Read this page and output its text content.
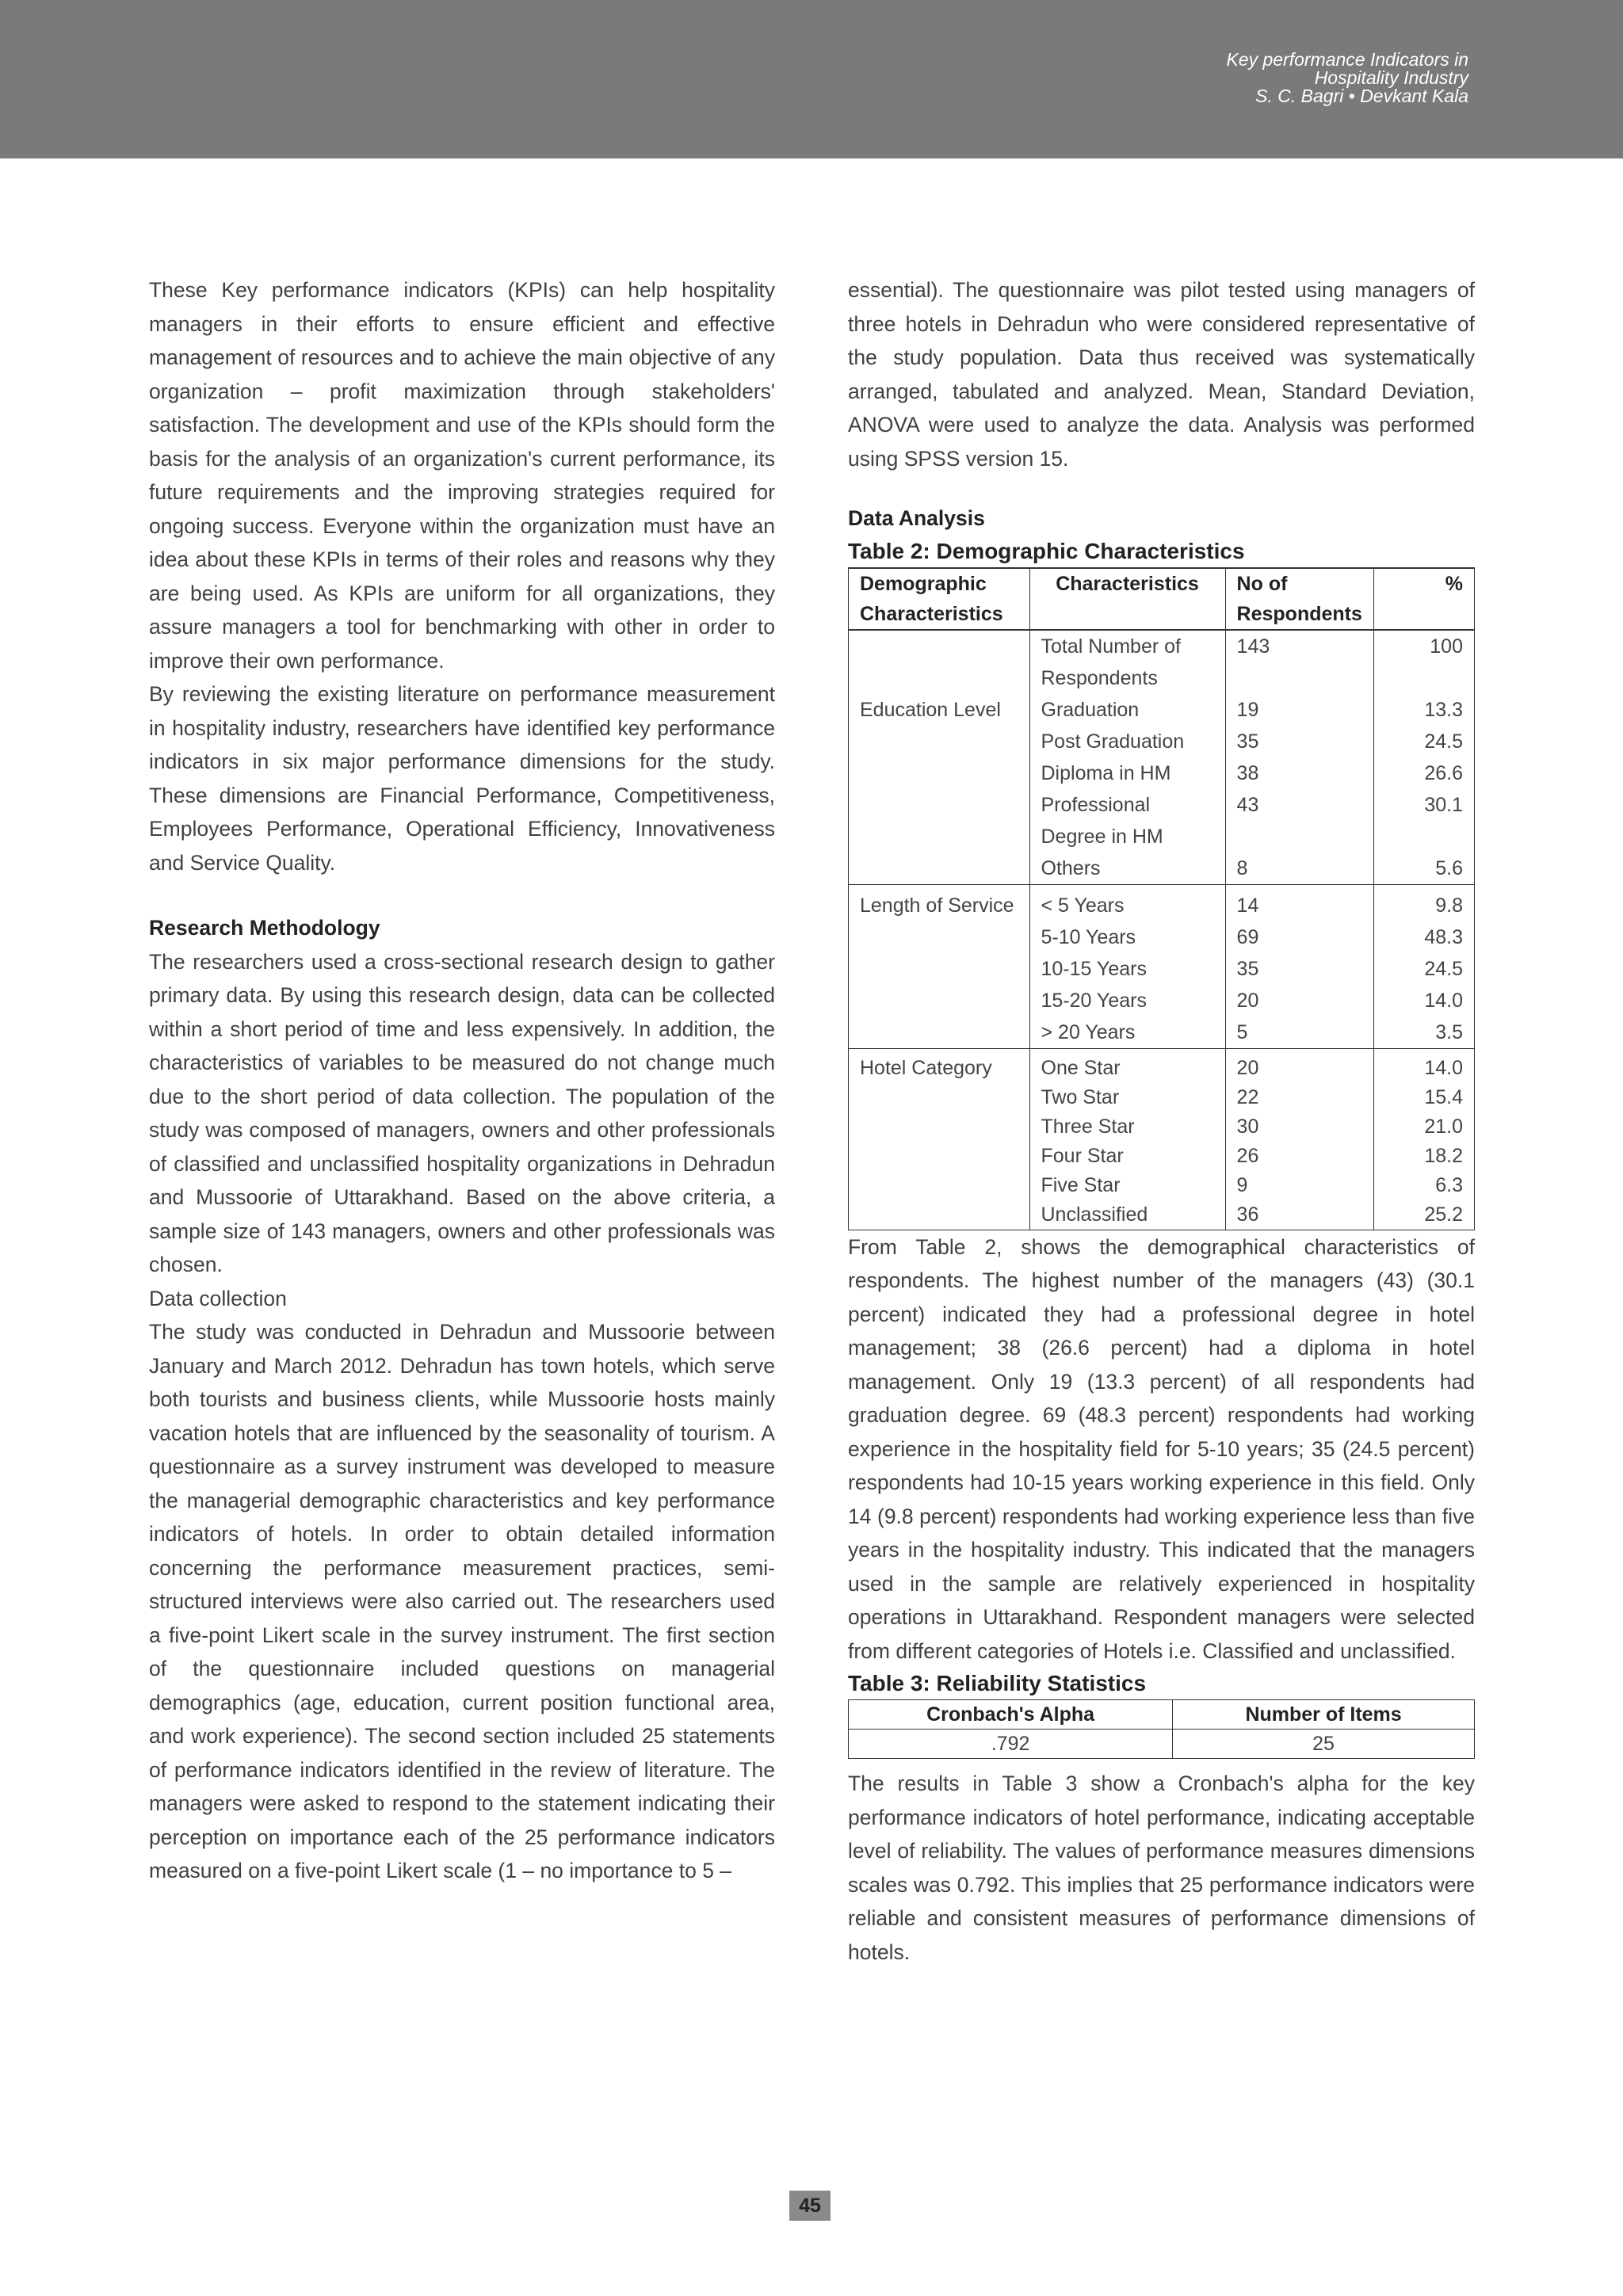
Key performance Indicators in
Hospitality Industry
S. C. Bagri • Devkant Kala

These Key performance indicators (KPIs) can help hospitality managers in their efforts to ensure efficient and effective management of resources and to achieve the main objective of any organization – profit maximization through stakeholders' satisfaction. The development and use of the KPIs should form the basis for the analysis of an organization's current performance, its future requirements and the improving strategies required for ongoing success. Everyone within the organization must have an idea about these KPIs in terms of their roles and reasons why they are being used. As KPIs are uniform for all organizations, they assure managers a tool for benchmarking with other in order to improve their own performance.

By reviewing the existing literature on performance measurement in hospitality industry, researchers have identified key performance indicators in six major performance dimensions for the study. These dimensions are Financial Performance, Competitiveness, Employees Performance, Operational Efficiency, Innovativeness and Service Quality.

Research Methodology

The researchers used a cross-sectional research design to gather primary data. By using this research design, data can be collected within a short period of time and less expensively. In addition, the characteristics of variables to be measured do not change much due to the short period of data collection. The population of the study was composed of managers, owners and other professionals of classified and unclassified hospitality organizations in Dehradun and Mussoorie of Uttarakhand. Based on the above criteria, a sample size of 143 managers, owners and other professionals was chosen.

Data collection

The study was conducted in Dehradun and Mussoorie between January and March 2012. Dehradun has town hotels, which serve both tourists and business clients, while Mussoorie hosts mainly vacation hotels that are influenced by the seasonality of tourism. A questionnaire as a survey instrument was developed to measure the managerial demographic characteristics and key performance indicators of hotels. In order to obtain detailed information concerning the performance measurement practices, semi-structured interviews were also carried out. The researchers used a five-point Likert scale in the survey instrument. The first section of the questionnaire included questions on managerial demographics (age, education, current position functional area, and work experience). The second section included 25 statements of performance indicators identified in the review of literature. The managers were asked to respond to the statement indicating their perception on importance each of the 25 performance indicators measured on a five-point Likert scale (1 – no importance to 5 –

essential). The questionnaire was pilot tested using managers of three hotels in Dehradun who were considered representative of the study population. Data thus received was systematically arranged, tabulated and analyzed. Mean, Standard Deviation, ANOVA were used to analyze the data. Analysis was performed using SPSS version 15.

Data Analysis

Table 2: Demographic Characteristics

Demographic Characteristics	Characteristics	No of Respondents	%
	Total Number of Respondents	143	100
Education Level	Graduation	19	13.3
	Post Graduation	35	24.5
	Diploma in HM	38	26.6
	Professional Degree in HM	43	30.1
	Others	8	5.6
Length of Service	< 5 Years	14	9.8
	5-10 Years	69	48.3
	10-15 Years	35	24.5
	15-20 Years	20	14.0
	> 20 Years	5	3.5
Hotel Category	One Star	20	14.0
	Two Star	22	15.4
	Three Star	30	21.0
	Four Star	26	18.2
	Five Star	9	6.3
	Unclassified	36	25.2

From Table 2, shows the demographical characteristics of respondents. The highest number of the managers (43) (30.1 percent) indicated they had a professional degree in hotel management; 38 (26.6 percent) had a diploma in hotel management. Only 19 (13.3 percent) of all respondents had graduation degree. 69 (48.3 percent) respondents had working experience in the hospitality field for 5-10 years; 35 (24.5 percent) respondents had 10-15 years working experience in this field. Only 14 (9.8 percent) respondents had working experience less than five years in the hospitality industry. This indicated that the managers used in the sample are relatively experienced in hospitality operations in Uttarakhand. Respondent managers were selected from different categories of Hotels i.e. Classified and unclassified.

Table 3: Reliability Statistics

Cronbach's Alpha	Number of Items
.792	25

The results in Table 3 show a Cronbach's alpha for the key performance indicators of hotel performance, indicating acceptable level of reliability. The values of performance measures dimensions scales was 0.792. This implies that 25 performance indicators were reliable and consistent measures of performance dimensions of hotels.

45
